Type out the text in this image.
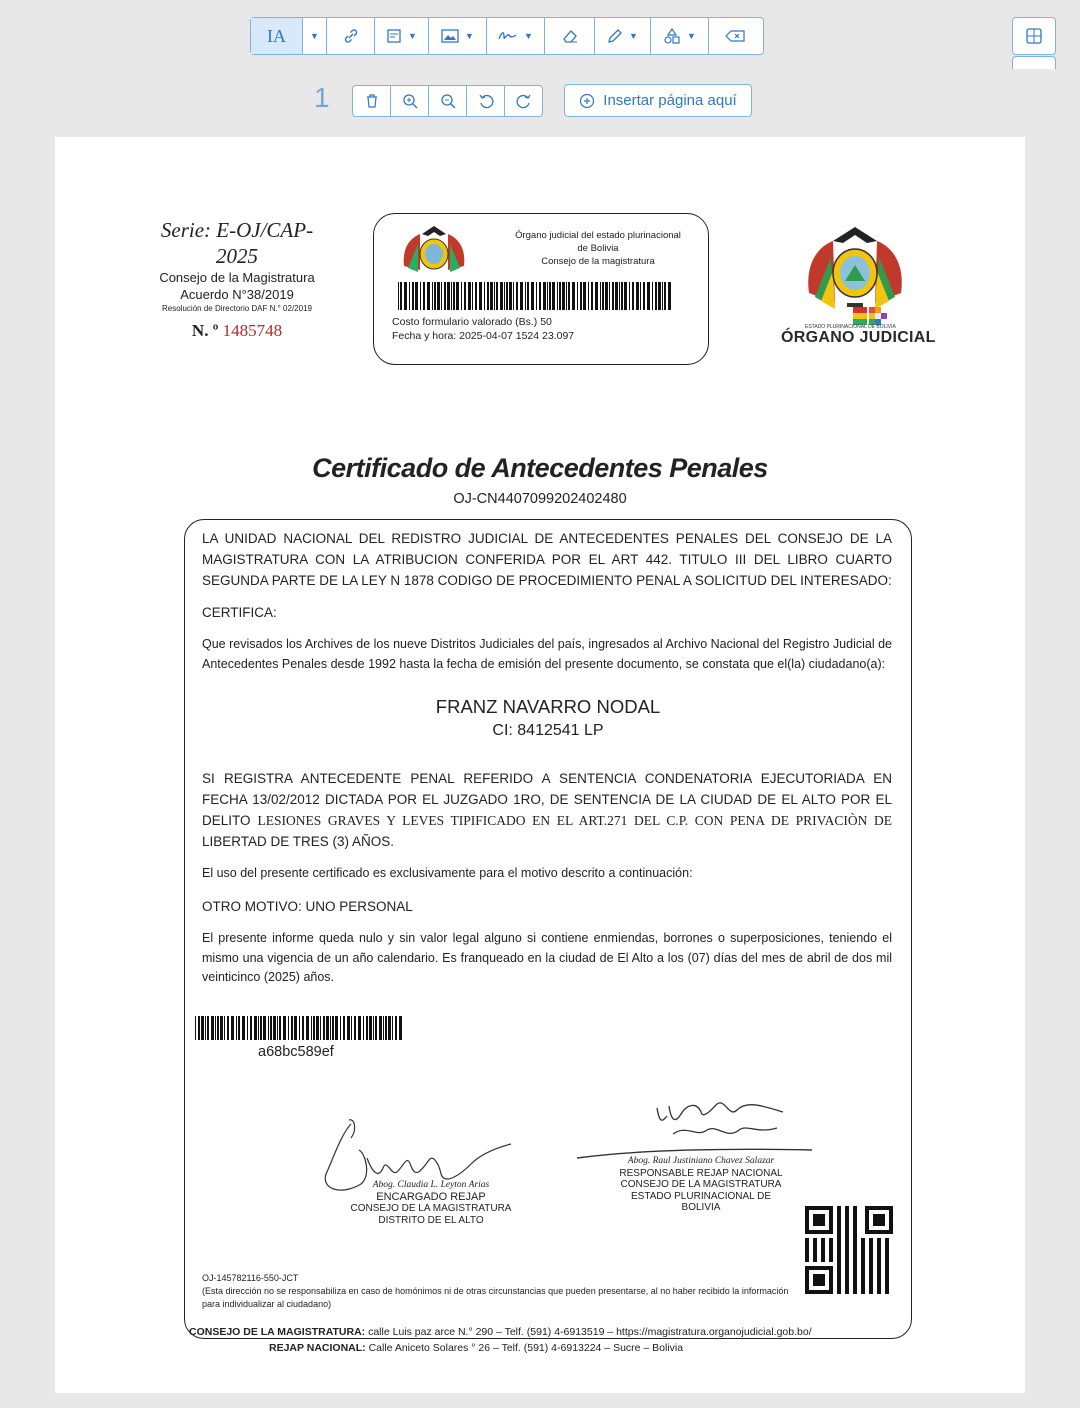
IA	▼	▼	▼	▼	▼	▼
1	Insertar página aquí
Serie: E-OJ/CAP-2025
Consejo de la Magistratura
Acuerdo N°38/2019
Resolución de Directorio DAF N.° 02/2019
N. º 1485748
Órgano judicial del estado plurinacional
de Bolivia
Consejo de la magistratura
Costo formulario valorado (Bs.) 50
Fecha y hora: 2025-04-07 1524 23.097
ESTADO PLURINACIONAL DE BOLIVIA
ÓRGANO JUDICIAL
Certificado de Antecedentes Penales
OJ-CN4407099202402480
LA UNIDAD NACIONAL DEL REDISTRO JUDICIAL DE ANTECEDENTES PENALES DEL CONSEJO DE LA MAGISTRATURA CON LA ATRIBUCION CONFERIDA POR EL ART 442. TITULO III DEL LIBRO CUARTO SEGUNDA PARTE DE LA LEY N 1878 CODIGO DE PROCEDIMIENTO PENAL A SOLICITUD DEL INTERESADO:
CERTIFICA:
Que revisados los Archives de los nueve Distritos Judiciales del país, ingresados al Archivo Nacional del Registro Judicial de Antecedentes Penales desde 1992 hasta la fecha de emisión del presente documento, se constata que el(la) ciudadano(a):
FRANZ NAVARRO NODAL
CI: 8412541 LP
SI REGISTRA ANTECEDENTE PENAL REFERIDO A SENTENCIA CONDENATORIA EJECUTORIADA EN FECHA 13/02/2012 DICTADA POR EL JUZGADO 1RO, DE SENTENCIA DE LA CIUDAD DE EL ALTO POR EL DELITO LESIONES GRAVES Y LEVES TIPIFICADO EN EL ART.271 DEL C.P. CON PENA DE PRIVACIÒN DE LIBERTAD DE TRES (3) AÑOS.
El uso del presente certificado es exclusivamente para el motivo descrito a continuación:
OTRO MOTIVO: UNO PERSONAL
El presente informe queda nulo y sin valor legal alguno si contiene enmiendas, borrones o superposiciones, teniendo el mismo una vigencia de un año calendario. Es franqueado en la ciudad de El Alto a los (07) días del mes de abril de dos mil veinticinco (2025) años.
a68bc589ef
Abog. Claudia L. Leyton Arias
ENCARGADO REJAP
CONSEJO DE LA MAGISTRATURA
DISTRITO DE EL ALTO
Abog. Raul Justiniano Chavez Salazar
RESPONSABLE REJAP NACIONAL
CONSEJO DE LA MAGISTRATURA
ESTADO PLURINACIONAL DE
BOLIVIA
OJ-145782116-550-JCT
(Esta dirección no se responsabiliza en caso de homónimos ni de otras circunstancias que pueden presentarse, al no haber recibido la información para individualizar al ciudadano)
CONSEJO DE LA MAGISTRATURA: calle Luis paz arce N.° 290 – Telf. (591) 4-6913519 – https://magistratura.organojudicial.gob.bo/
REJAP NACIONAL: Calle Aniceto Solares ° 26 – Telf. (591) 4-6913224 – Sucre – Bolivia
